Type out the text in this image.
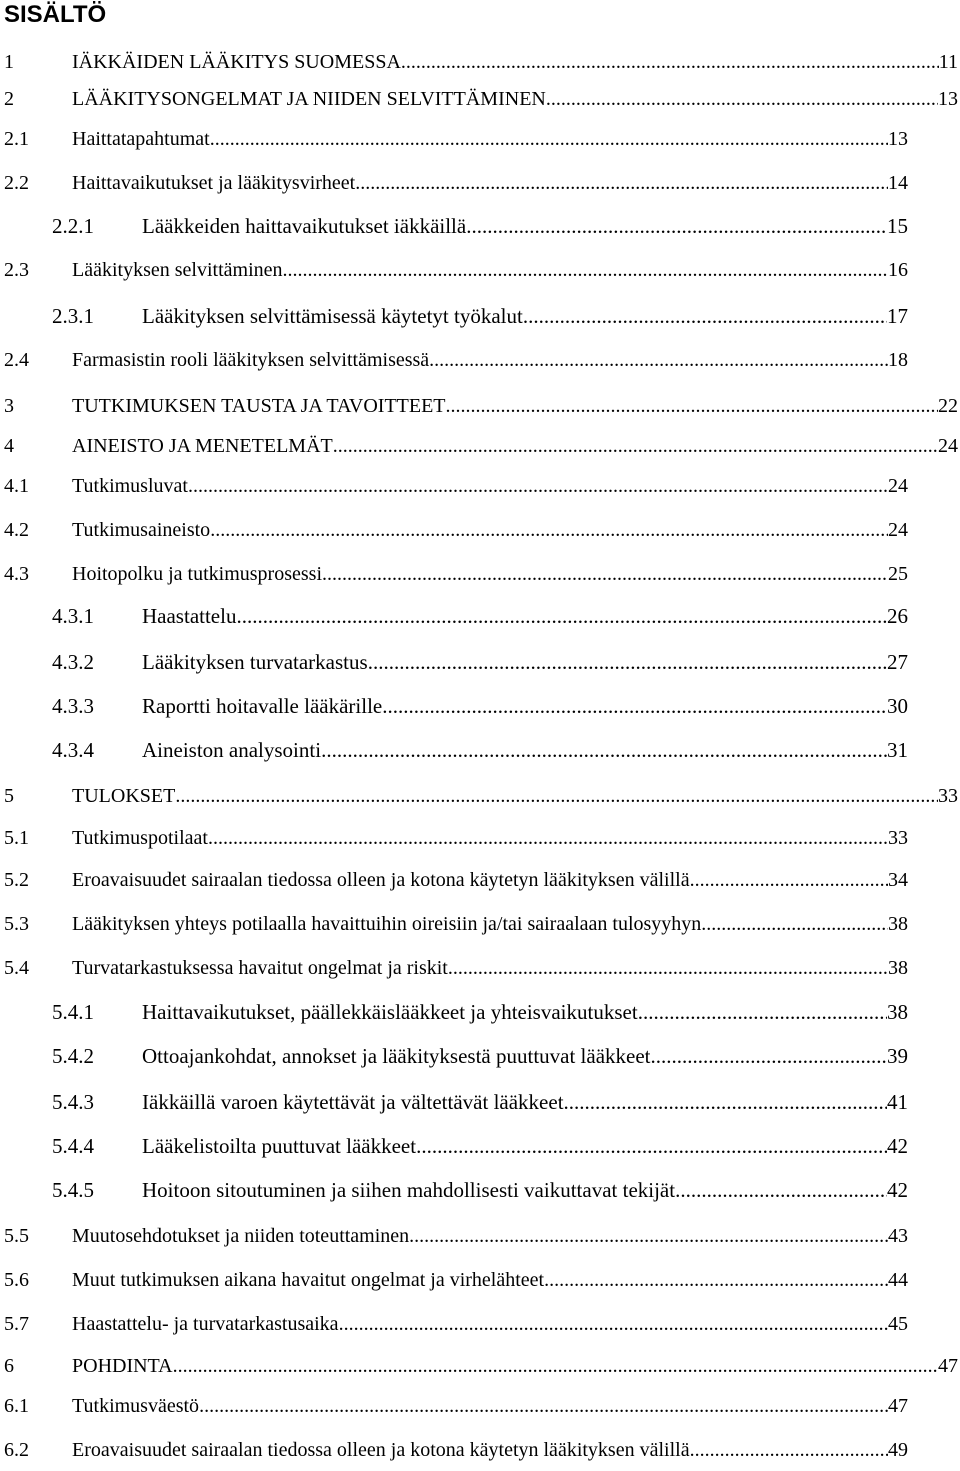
SISÄLTÖ
1	IÄKKÄIDEN LÄÄKITYS SUOMESSA .....	11
2	LÄÄKITYSONGELMAT JA NIIDEN SELVITTÄMINEN .....	13
2.1	Haittatapahtumat .....	13
2.2	Haittavaikutukset ja lääkitysvirheet .....	14
2.2.1	Lääkkeiden haittavaikutukset iäkkäillä .....	15
2.3	Lääkityksen selvittäminen .....	16
2.3.1	Lääkityksen selvittämisessä käytetyt työkalut .....	17
2.4	Farmasistin rooli lääkityksen selvittämisessä .....	18
3	TUTKIMUKSEN TAUSTA JA TAVOITTEET .....	22
4	AINEISTO JA MENETELMÄT .....	24
4.1	Tutkimusluvat .....	24
4.2	Tutkimusaineisto .....	24
4.3	Hoitopolku ja tutkimusprosessi .....	25
4.3.1	Haastattelu .....	26
4.3.2	Lääkityksen turvatarkastus .....	27
4.3.3	Raportti hoitavalle lääkärille .....	30
4.3.4	Aineiston analysointi .....	31
5	TULOKSET .....	33
5.1	Tutkimuspotilaat .....	33
5.2	Eroavaisuudet sairaalan tiedossa olleen ja kotona käytetyn lääkityksen välillä .....	34
5.3	Lääkityksen yhteys potilaalla havaittuihin oireisiin ja/tai sairaalaan tulosyyhyn .....	38
5.4	Turvatarkastuksessa havaitut ongelmat ja riskit .....	38
5.4.1	Haittavaikutukset, päällekkäislääkkeet ja yhteisvaikutukset .....	38
5.4.2	Ottoajankohdat, annokset ja lääkityksestä puuttuvat lääkkeet .....	39
5.4.3	Iäkkäillä varoen käytettävät ja vältettävät lääkkeet .....	41
5.4.4	Lääkelistoilta puuttuvat lääkkeet .....	42
5.4.5	Hoitoon sitoutuminen ja siihen mahdollisesti vaikuttavat tekijät .....	42
5.5	Muutosehdotukset ja niiden toteuttaminen .....	43
5.6	Muut tutkimuksen aikana havaitut ongelmat ja virhelähteet .....	44
5.7	Haastattelu- ja turvatarkastusaika .....	45
6	POHDINTA .....	47
6.1	Tutkimusväestö .....	47
6.2	Eroavaisuudet sairaalan tiedossa olleen ja kotona käytetyn lääkityksen välillä .....	49
